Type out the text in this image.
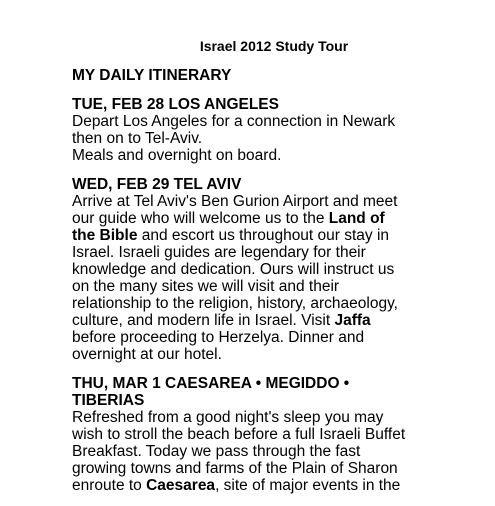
Israel 2012 Study Tour
MY DAILY ITINERARY
TUE, FEB 28 LOS ANGELES
Depart Los Angeles for a connection in Newark
then on to Tel-Aviv.
Meals and overnight on board.
WED, FEB 29 TEL AVIV
Arrive at Tel Aviv's Ben Gurion Airport and meet
our guide who will welcome us to the Land of
the Bible and escort us throughout our stay in
Israel. Israeli guides are legendary for their
knowledge and dedication. Ours will instruct us
on the many sites we will visit and their
relationship to the religion, history, archaeology,
culture, and modern life in Israel. Visit Jaffa
before proceeding to Herzelya. Dinner and
overnight at our hotel.
THU, MAR 1 CAESAREA • MEGIDDO •
TIBERIAS
Refreshed from a good night's sleep you may
wish to stroll the beach before a full Israeli Buffet
Breakfast. Today we pass through the fast
growing towns and farms of the Plain of Sharon
enroute to Caesarea, site of major events in the
